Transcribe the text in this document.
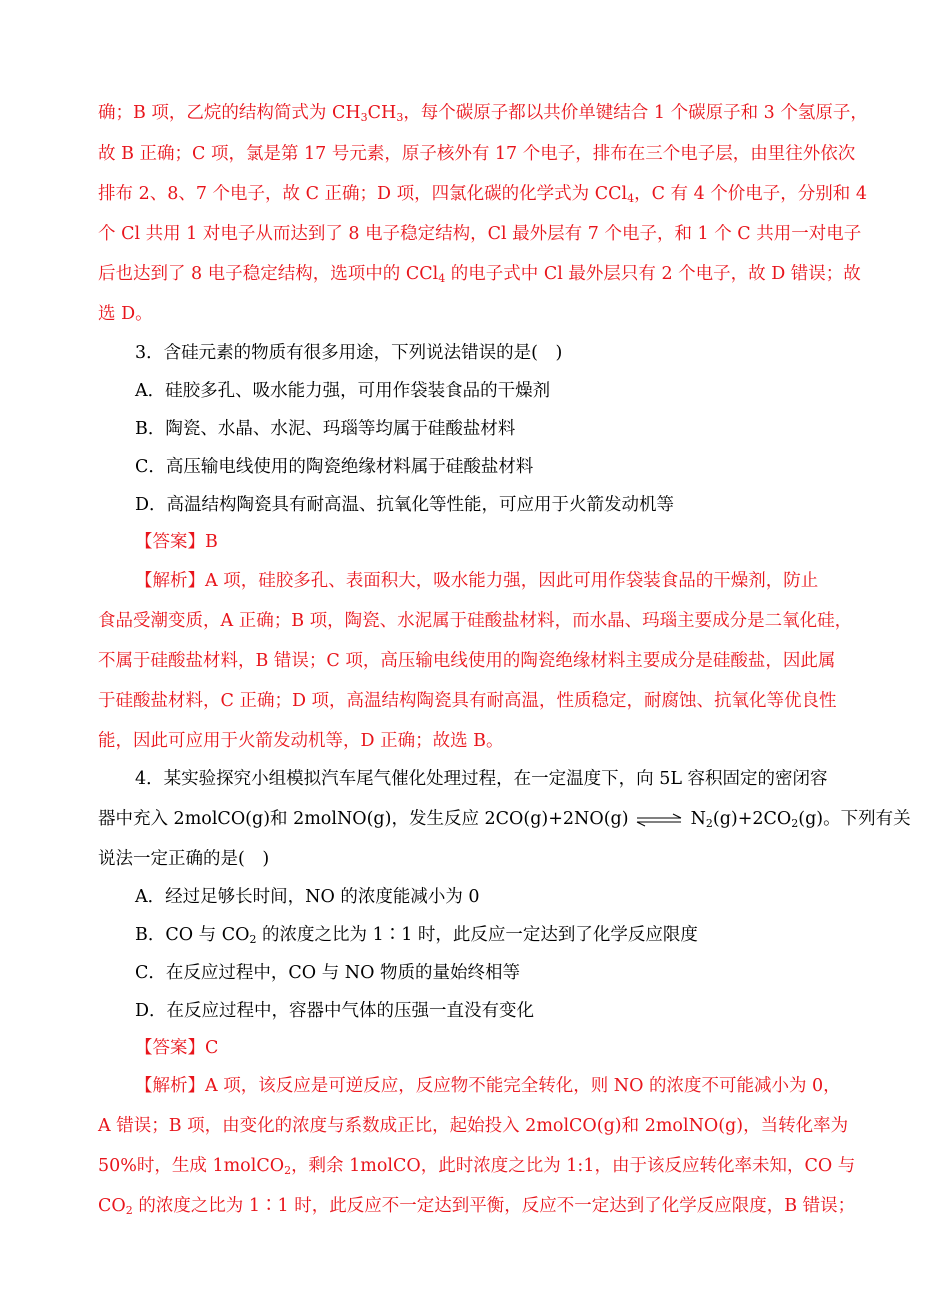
确；B 项，乙烷的结构简式为 $CH_3CH_3$，每个碳原子都以共价单键结合 1 个碳原子和 3 个氢原子，
故 B 正确；C 项，氯是第 17 号元素，原子核外有 17 个电子，排布在三个电子层，由里往外依次
排布 2、8、7 个电子，故 C 正确；D 项，四氯化碳的化学式为 CCl$_4$，C 有 4 个价电子，分别和 4
个 Cl 共用 1 对电子从而达到了 8 电子稳定结构，Cl 最外层有 7 个电子，和 1 个 C 共用一对电子
后也达到了 8 电子稳定结构，选项中的 CCl$_4$ 的电子式中 Cl 最外层只有 2 个电子，故 D 错误；故
选 D。
3．含硅元素的物质有很多用途，下列说法错误的是(　)
A．硅胶多孔、吸水能力强，可用作袋装食品的干燥剂
B．陶瓷、水晶、水泥、玛瑙等均属于硅酸盐材料
C．高压输电线使用的陶瓷绝缘材料属于硅酸盐材料
D．高温结构陶瓷具有耐高温、抗氧化等性能，可应用于火箭发动机等
【答案】B
【解析】A 项，硅胶多孔、表面积大，吸水能力强，因此可用作袋装食品的干燥剂，防止
食品受潮变质，A 正确；B 项，陶瓷、水泥属于硅酸盐材料，而水晶、玛瑙主要成分是二氧化硅，
不属于硅酸盐材料，B 错误；C 项，高压输电线使用的陶瓷绝缘材料主要成分是硅酸盐，因此属
于硅酸盐材料，C 正确；D 项，高温结构陶瓷具有耐高温，性质稳定，耐腐蚀、抗氧化等优良性
能，因此可应用于火箭发动机等，D 正确；故选 B。
4．某实验探究小组模拟汽车尾气催化处理过程，在一定温度下，向 5L 容积固定的密闭容
器中充入 2molCO(g)和 2molNO(g)，发生反应 2CO(g)+2NO(g) ⇌ $N_2(g)+2CO_2(g)$。下列有关
说法一定正确的是(　)
A．经过足够长时间，NO 的浓度能减小为 0
B．CO 与 $CO_2$ 的浓度之比为 1∶1 时，此反应一定达到了化学反应限度
C．在反应过程中，CO 与 NO 物质的量始终相等
D．在反应过程中，容器中气体的压强一直没有变化
【答案】C
【解析】A 项，该反应是可逆反应，反应物不能完全转化，则 NO 的浓度不可能减小为 0，
A 错误；B 项，由变化的浓度与系数成正比，起始投入 2molCO(g)和 2molNO(g)，当转化率为
50%时，生成 1molCO$_2$，剩余 1molCO，此时浓度之比为 1:1，由于该反应转化率未知，CO 与
$CO_2$ 的浓度之比为 1∶1 时，此反应不一定达到平衡，反应不一定达到了化学反应限度，B 错误；
